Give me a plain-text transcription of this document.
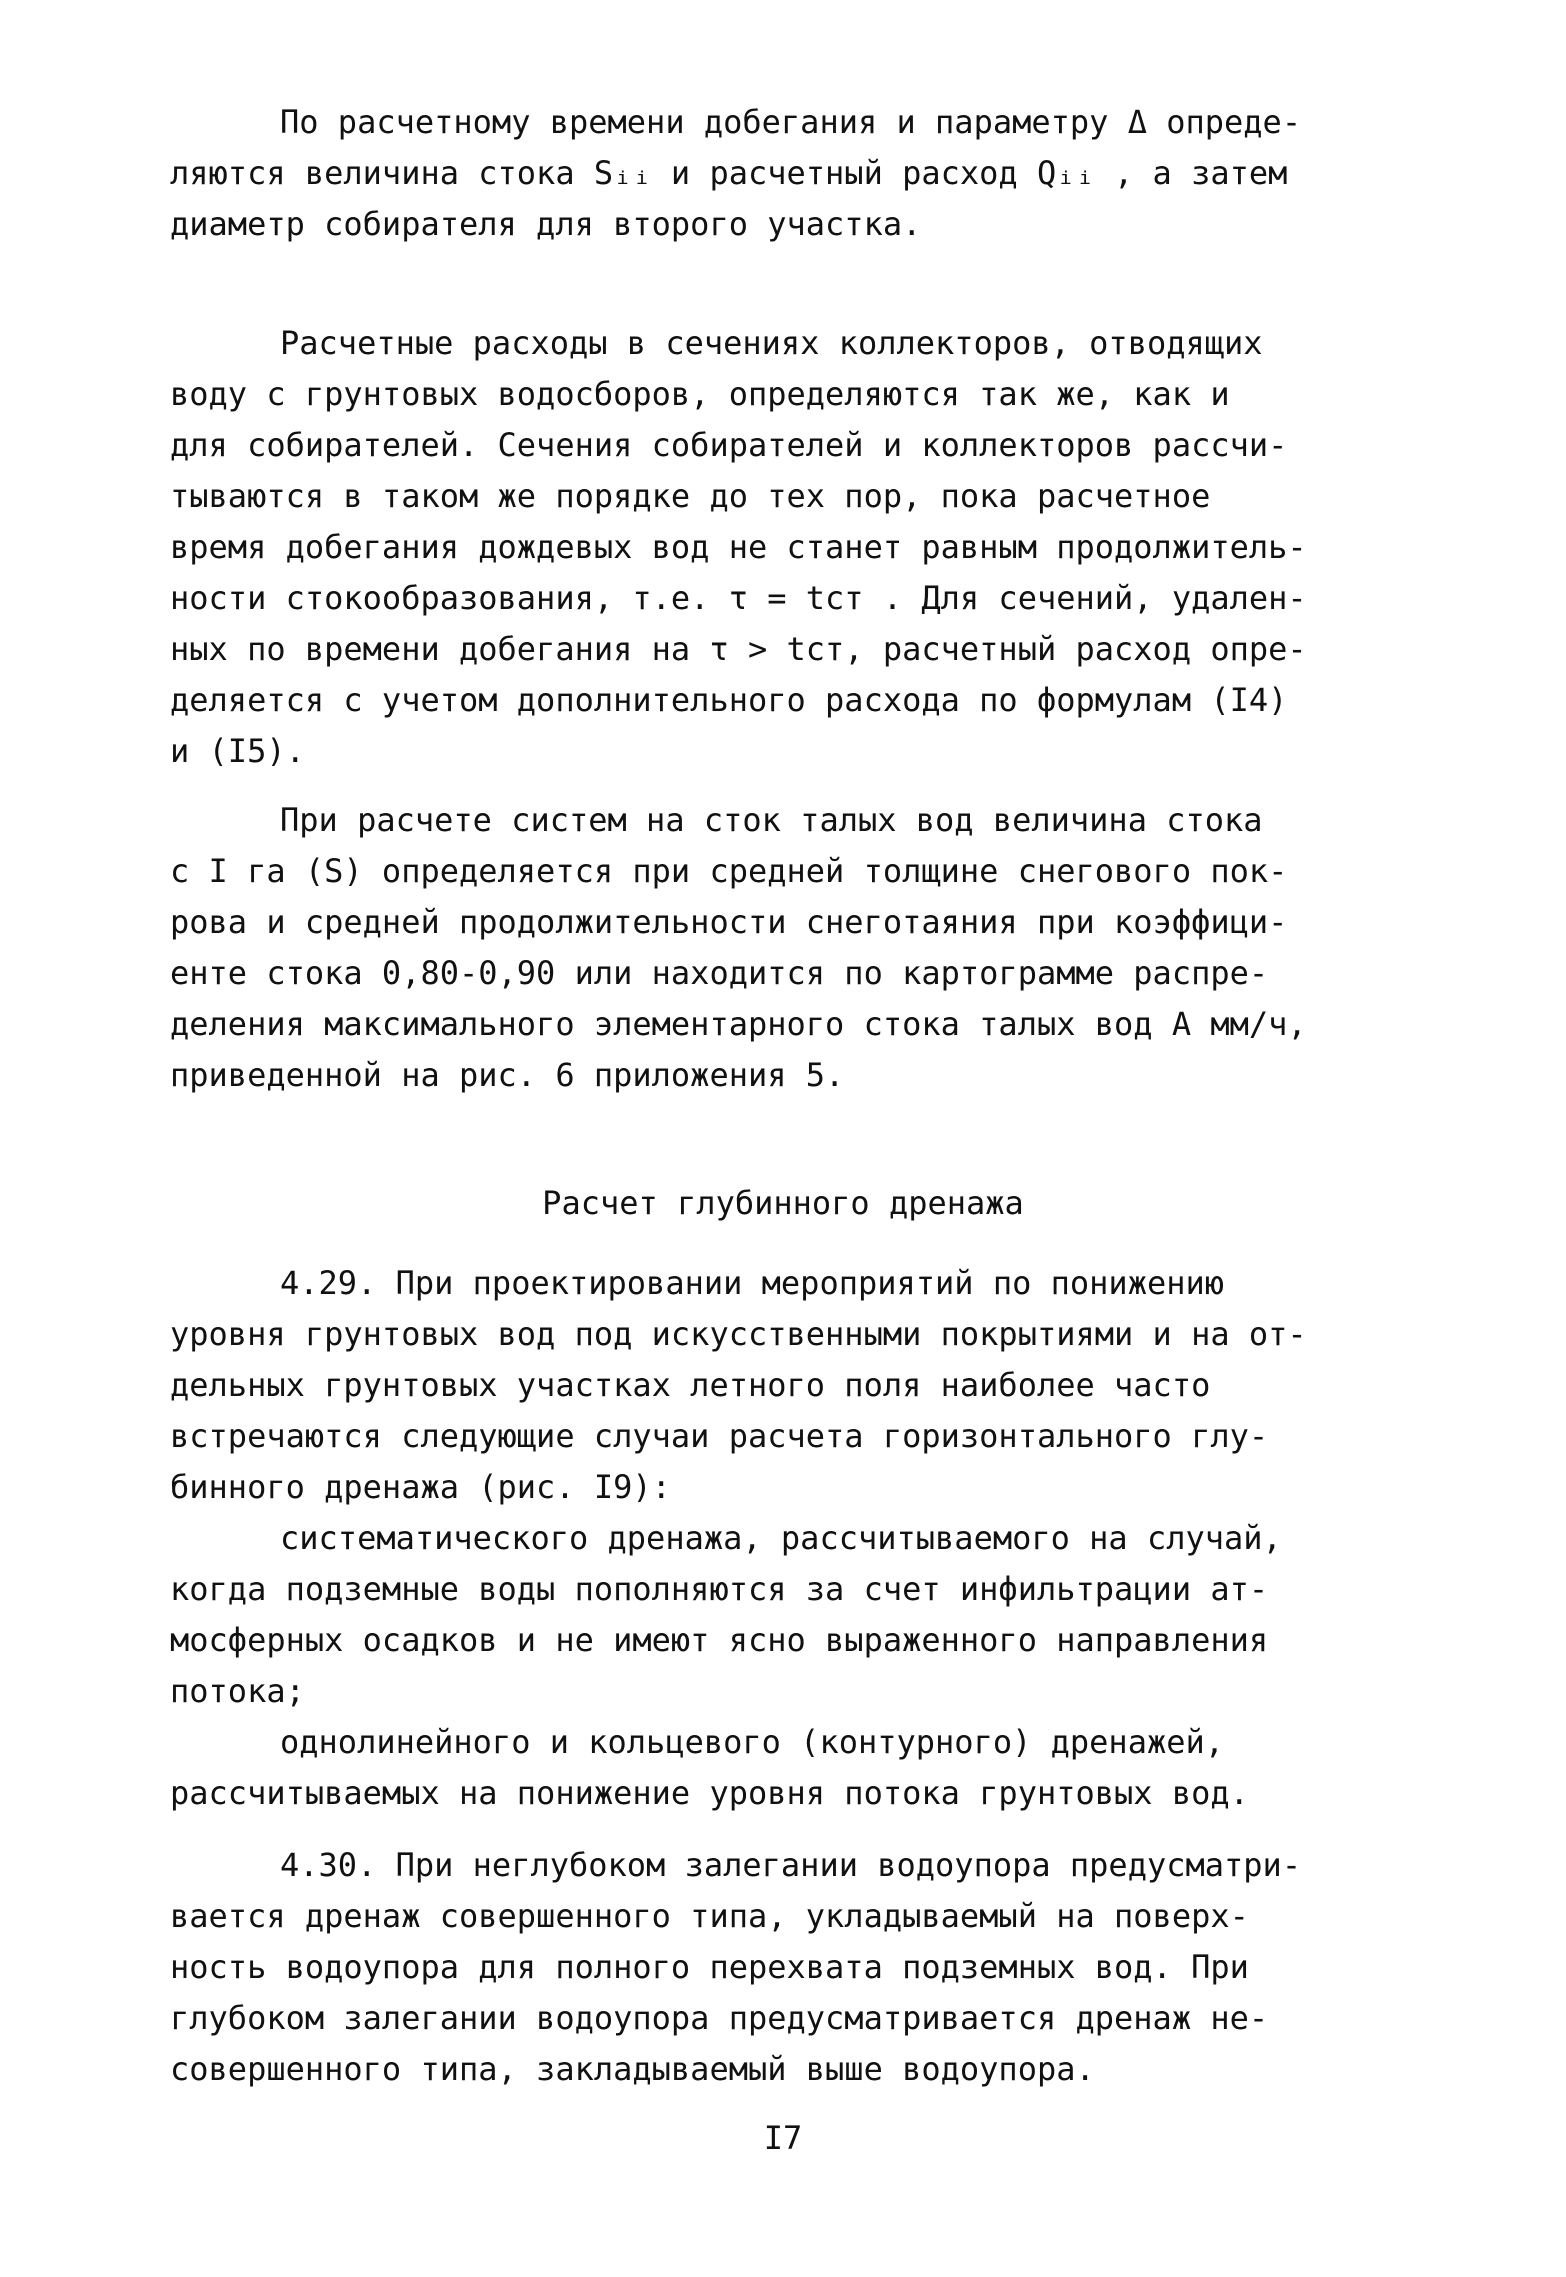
По расчетному времени добегания и параметру Δ опреде-
ляются величина стока Sᵢᵢ и расчетный расход Qᵢᵢ , а затем
диаметр собирателя для второго участка.
Расчетные расходы в сечениях коллекторов, отводящих
воду с грунтовых водосборов, определяются так же, как и
для собирателей. Сечения собирателей и коллекторов рассчи-
тываются в таком же порядке до тех пор, пока расчетное
время добегания дождевых вод не станет равным продолжитель-
ности стокообразования, т.е. τ = tст . Для сечений, удален-
ных по времени добегания на τ > tст, расчетный расход опре-
деляется с учетом дополнительного расхода по формулам (I4)
и (I5).
При расчете систем на сток талых вод величина стока
с I га (S) определяется при средней толщине снегового пок-
рова и средней продолжительности снеготаяния при коэффици-
енте стока 0,80-0,90 или находится по картограмме распре-
деления максимального элементарного стока талых вод A мм/ч,
приведенной на рис. 6 приложения 5.
Расчет глубинного дренажа
4.29. При проектировании мероприятий по понижению
уровня грунтовых вод под искусственными покрытиями и на от-
дельных грунтовых участках летного поля наиболее часто
встречаются следующие случаи расчета горизонтального глу-
бинного дренажа (рис. I9):
систематического дренажа, рассчитываемого на случай,
когда подземные воды пополняются за счет инфильтрации ат-
мосферных осадков и не имеют ясно выраженного направления
потока;
однолинейного и кольцевого (контурного) дренажей,
рассчитываемых на понижение уровня потока грунтовых вод.
4.30. При неглубоком залегании водоупора предусматри-
вается дренаж совершенного типа, укладываемый на поверх-
ность водоупора для полного перехвата подземных вод. При
глубоком залегании водоупора предусматривается дренаж не-
совершенного типа, закладываемый выше водоупора.
I7
